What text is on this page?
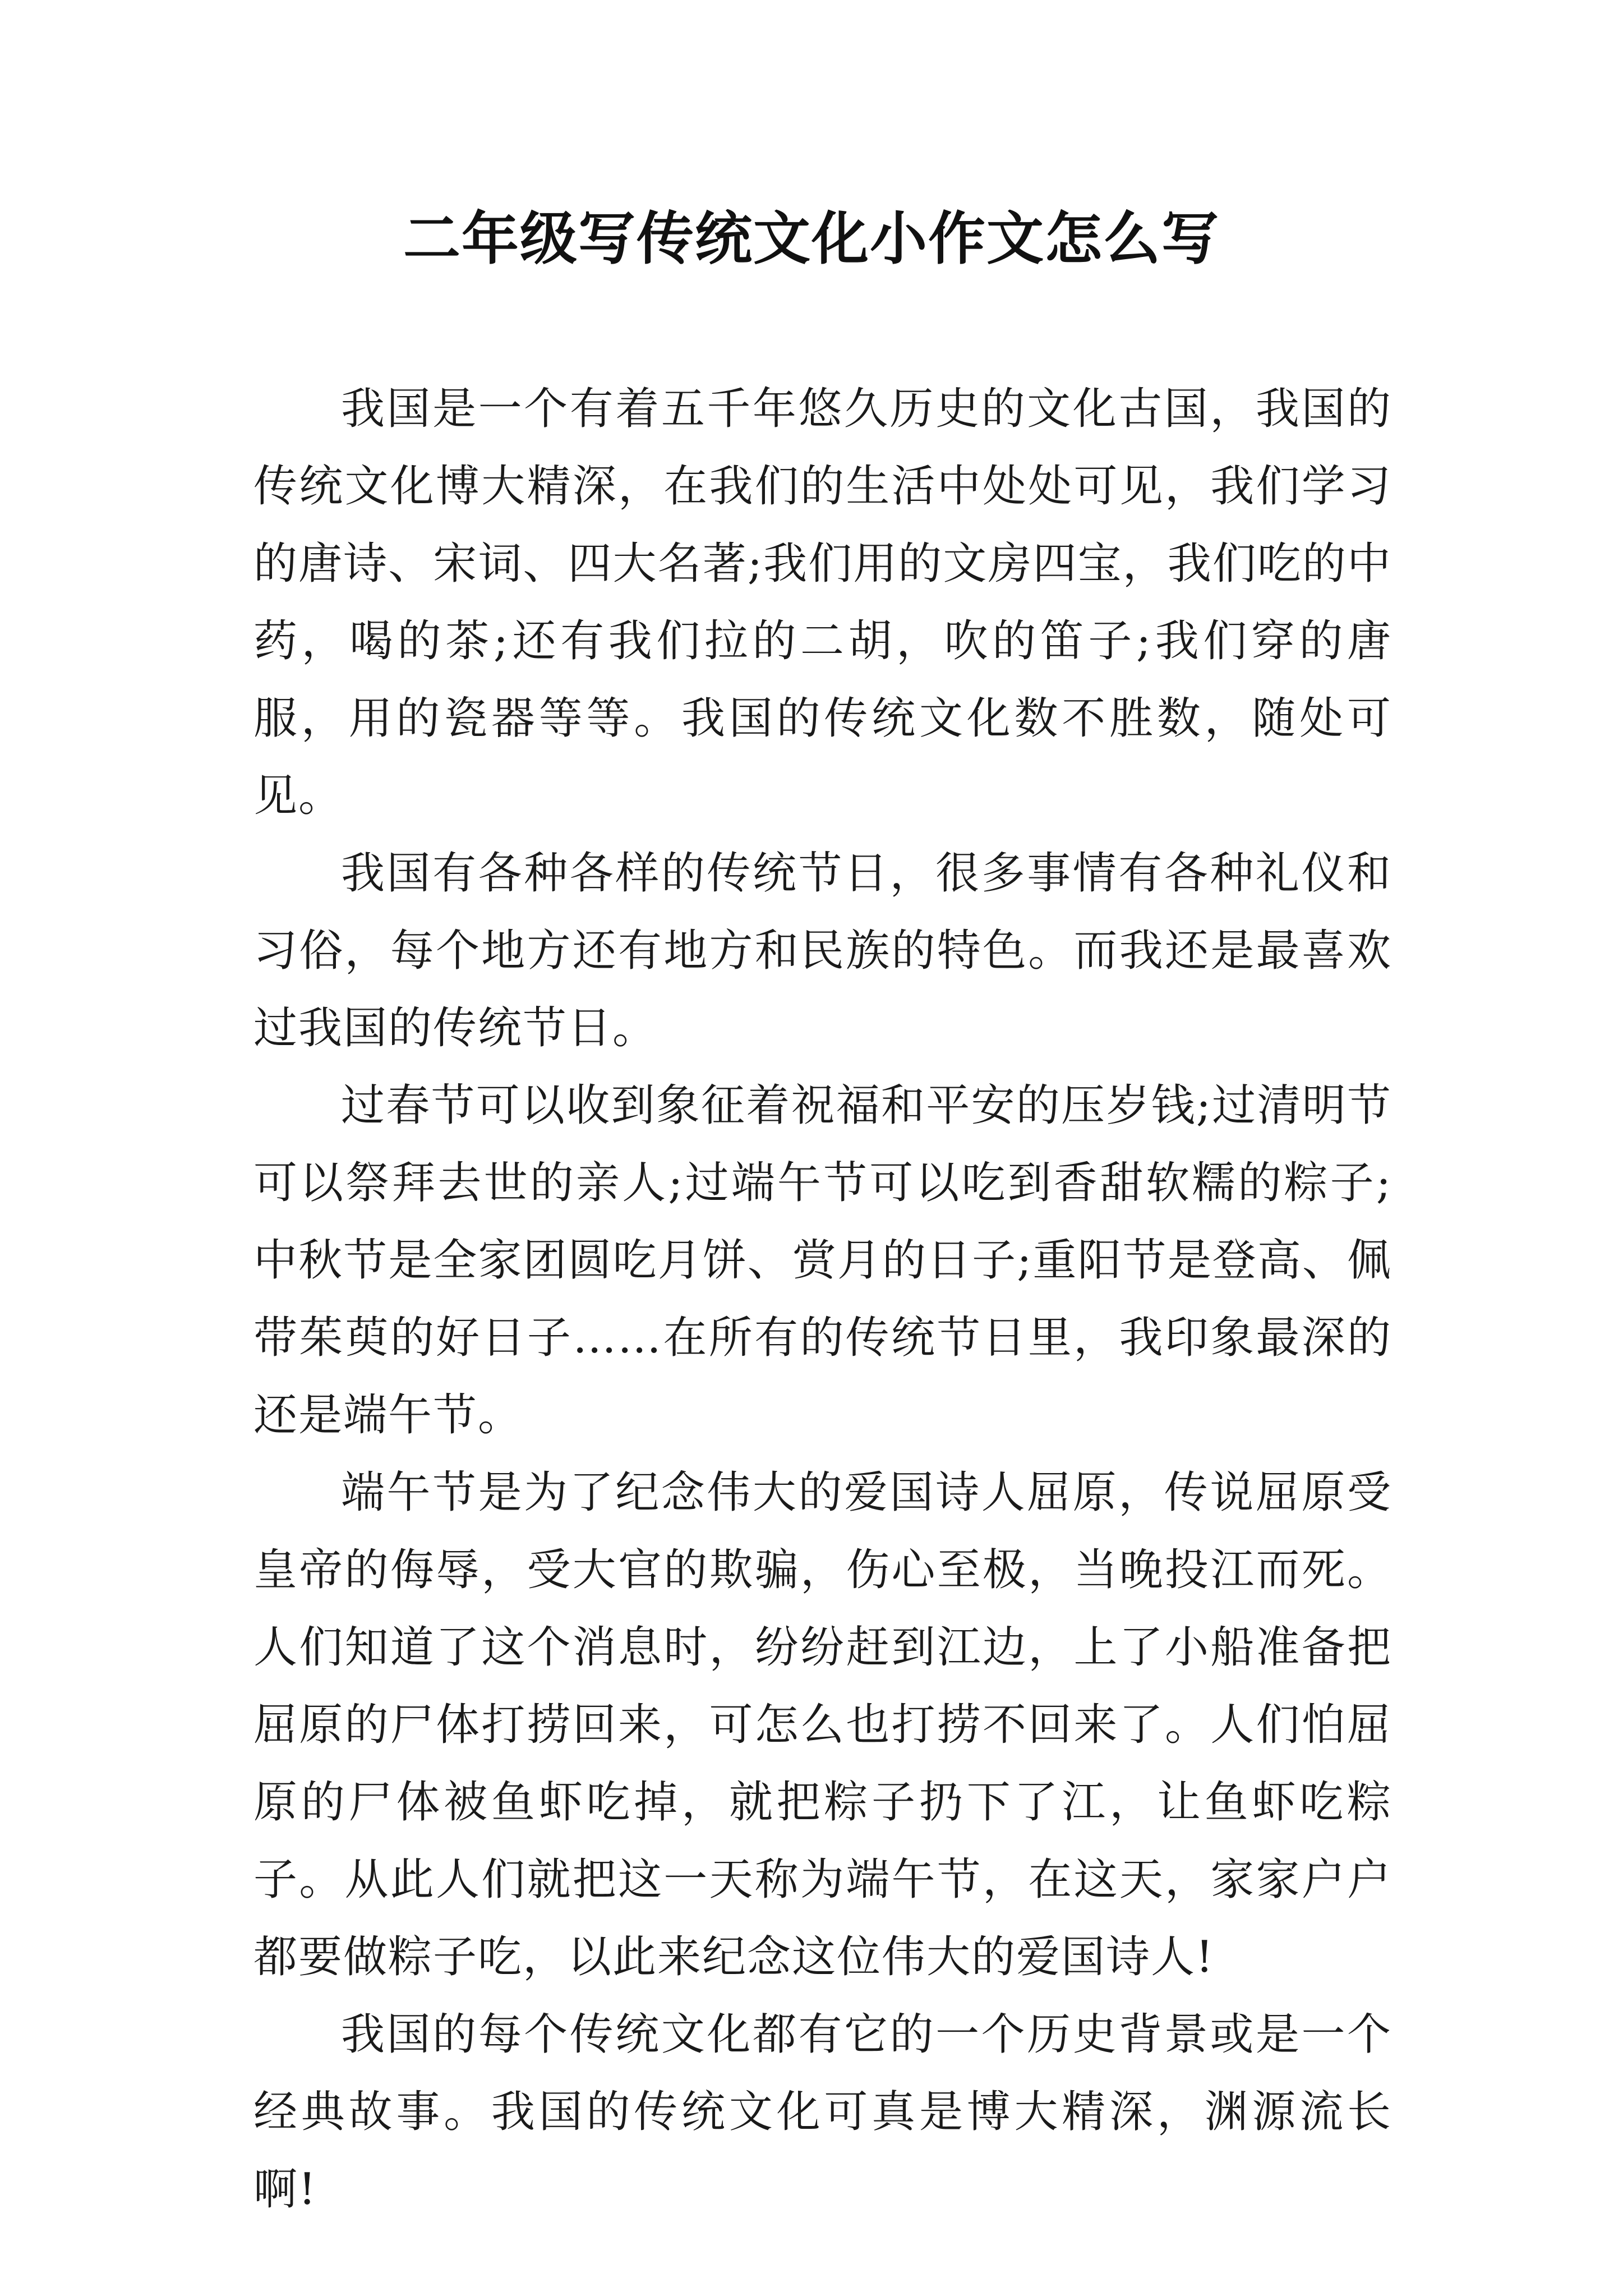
二年级写传统文化小作文怎么写

我国是一个有着五千年悠久历史的文化古国，我国的传统文化博大精深，在我们的生活中处处可见，我们学习的唐诗、宋词、四大名著;我们用的文房四宝，我们吃的中药，喝的茶;还有我们拉的二胡，吹的笛子;我们穿的唐服，用的瓷器等等。我国的传统文化数不胜数，随处可见。

我国有各种各样的传统节日，很多事情有各种礼仪和习俗，每个地方还有地方和民族的特色。而我还是最喜欢过我国的传统节日。

过春节可以收到象征着祝福和平安的压岁钱;过清明节可以祭拜去世的亲人;过端午节可以吃到香甜软糯的粽子;中秋节是全家团圆吃月饼、赏月的日子;重阳节是登高、佩带茱萸的好日子……在所有的传统节日里，我印象最深的还是端午节。

端午节是为了纪念伟大的爱国诗人屈原，传说屈原受皇帝的侮辱，受大官的欺骗，伤心至极，当晚投江而死。人们知道了这个消息时，纷纷赶到江边，上了小船准备把屈原的尸体打捞回来，可怎么也打捞不回来了。人们怕屈原的尸体被鱼虾吃掉，就把粽子扔下了江，让鱼虾吃粽子。从此人们就把这一天称为端午节，在这天，家家户户都要做粽子吃，以此来纪念这位伟大的爱国诗人!

我国的每个传统文化都有它的一个历史背景或是一个经典故事。我国的传统文化可真是博大精深，渊源流长啊!
